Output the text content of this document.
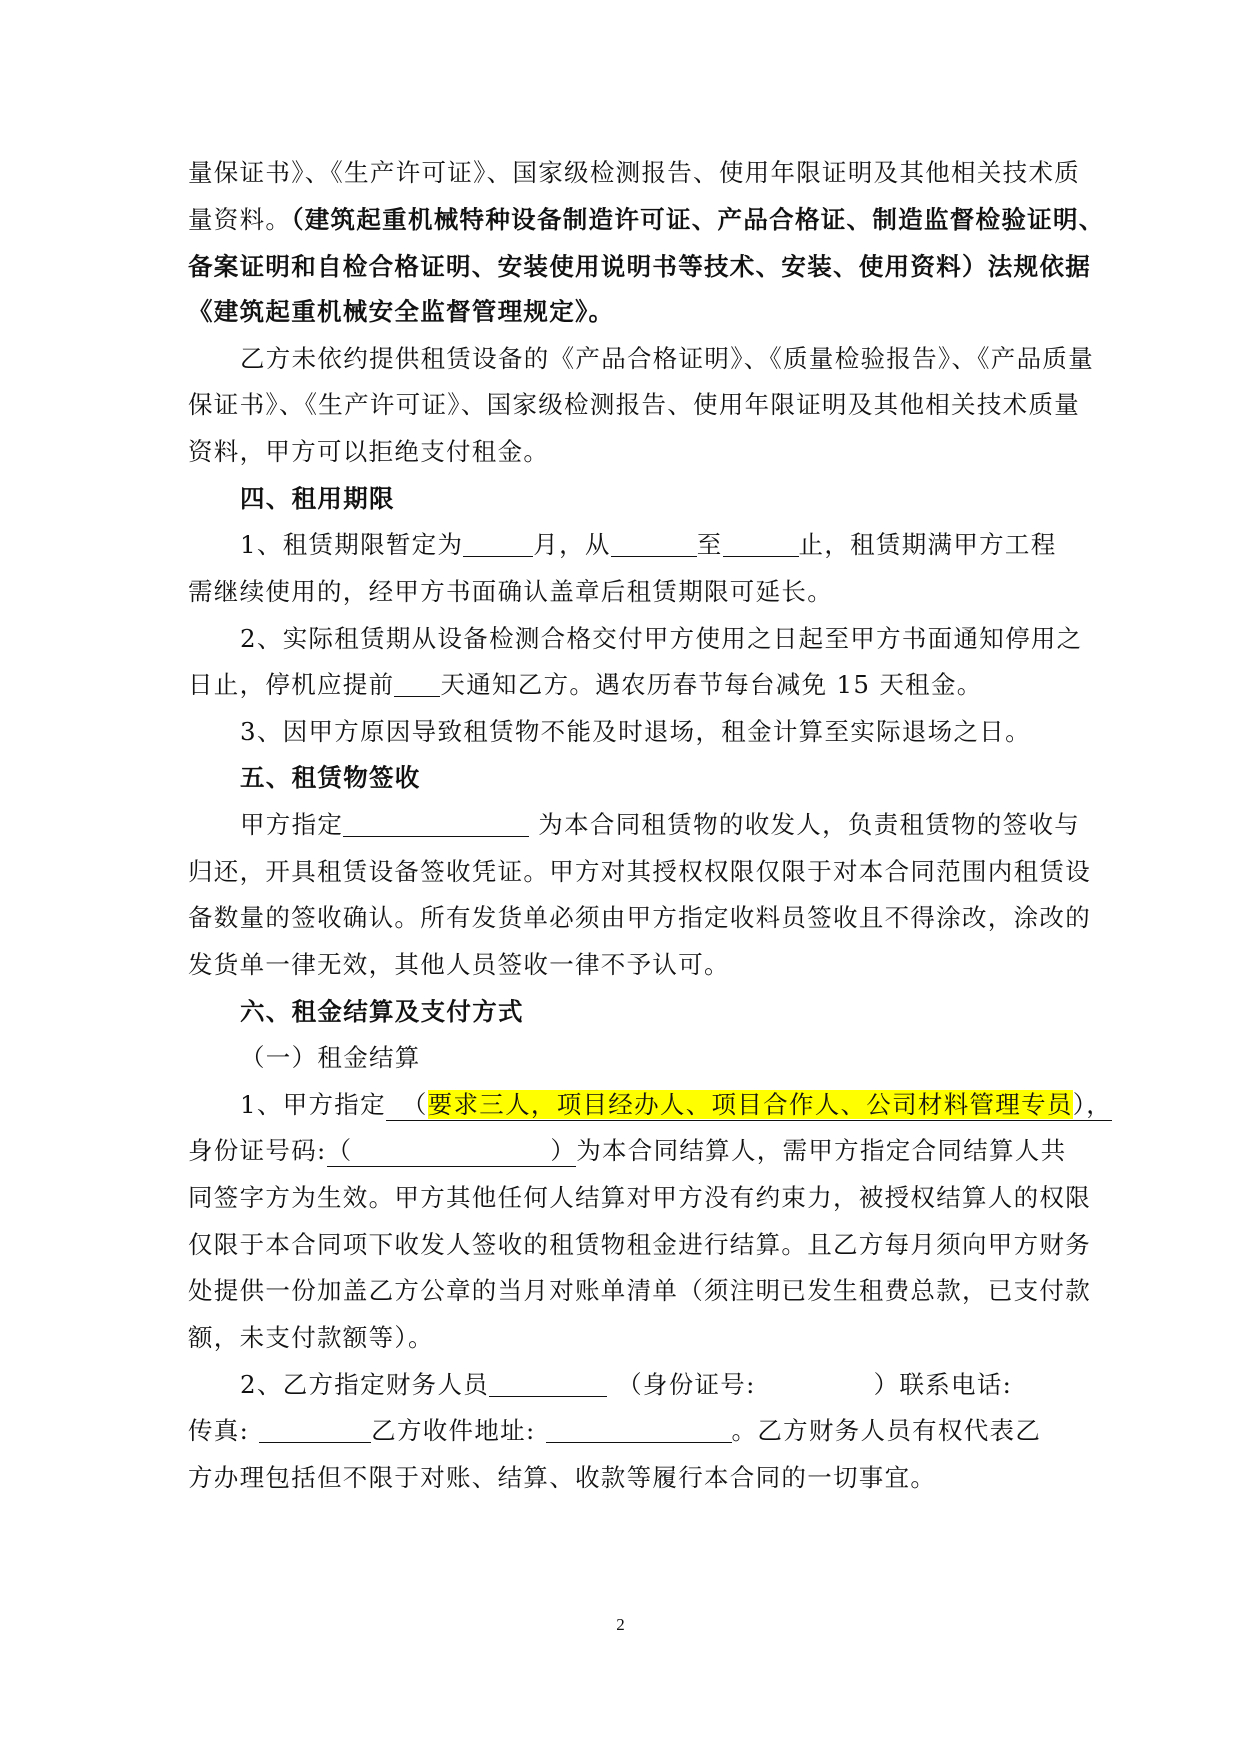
量保证书》、《生产许可证》、国家级检测报告、使用年限证明及其他相关技术质
量资料。（建筑起重机械特种设备制造许可证、产品合格证、制造监督检验证明、
备案证明和自检合格证明、安装使用说明书等技术、安装、使用资料）法规依据
《建筑起重机械安全监督管理规定》。
乙方未依约提供租赁设备的《产品合格证明》、《质量检验报告》、《产品质量
保证书》、《生产许可证》、国家级检测报告、使用年限证明及其他相关技术质量
资料，甲方可以拒绝支付租金。
四、租用期限
1、租赁期限暂定为	月，从	至	止，租赁期满甲方工程
需继续使用的，经甲方书面确认盖章后租赁期限可延长。
2、实际租赁期从设备检测合格交付甲方使用之日起至甲方书面通知停用之
日止，停机应提前 天通知乙方。遇农历春节每台减免 15 天租金。
3、因甲方原因导致租赁物不能及时退场，租金计算至实际退场之日。
五、租赁物签收
甲方指定	为本合同租赁物的收发人，负责租赁物的签收与
归还，开具租赁设备签收凭证。甲方对其授权权限仅限于对本合同范围内租赁设
备数量的签收确认。所有发货单必须由甲方指定收料员签收且不得涂改，涂改的
发货单一律无效，其他人员签收一律不予认可。
六、租金结算及支付方式
（一）租金结算
1、甲方指定 （要求三人，项目经办人、项目合作人、公司材料管理专员），
身份证号码:（	）为本合同结算人，需甲方指定合同结算人共
同签字方为生效。甲方其他任何人结算对甲方没有约束力，被授权结算人的权限
仅限于本合同项下收发人签收的租赁物租金进行结算。且乙方每月须向甲方财务
处提供一份加盖乙方公章的当月对账单清单（须注明已发生租费总款，已支付款
额，未支付款额等）。
2、乙方指定财务人员	（身份证号:	）联系电话:
传真:	乙方收件地址:	。乙方财务人员有权代表乙
方办理包括但不限于对账、结算、收款等履行本合同的一切事宜。
2
